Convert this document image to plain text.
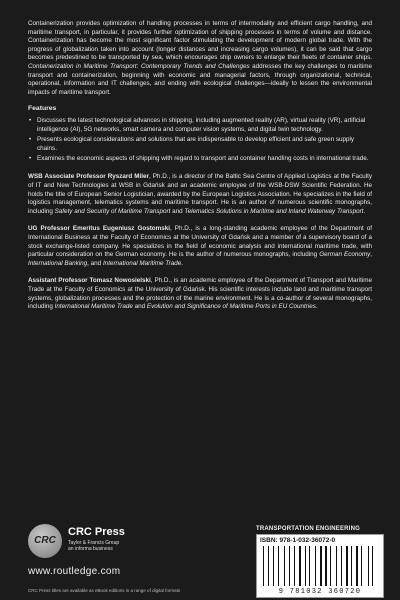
Containerization provides optimization of handling processes in terms of intermodality and efficient cargo handling, and maritime transport, in particular, it provides further optimization of shipping processes in terms of volume and distance. Containerization has become the most significant factor stimulating the development of modern global trade. With the progress of globalization taken into account (longer distances and increasing cargo volumes), it can be said that cargo becomes predestined to be transported by sea, which encourages ship owners to enlarge their fleets of container ships. Containerization in Maritime Transport: Contemporary Trends and Challenges addresses the key challenges to maritime transport and containerization, beginning with economic and managerial factors, through organizational, technical, operational, information and IT challenges, and ending with ecological challenges—ideally to lessen the environmental impacts of maritime transport.

Features
• Discusses the latest technological advances in shipping, including augmented reality (AR), virtual reality (VR), artificial intelligence (AI), 5G networks, smart camera and computer vision systems, and digital twin technology.
• Presents ecological considerations and solutions that are indispensable to develop efficient and safe green supply chains.
• Examines the economic aspects of shipping with regard to transport and container handling costs in international trade.

WSB Associate Professor Ryszard Miler, Ph.D., is a director of the Baltic Sea Centre of Applied Logistics at the Faculty of IT and New Technologies at WSB in Gdańsk and an academic employee of the WSB-DSW Scientific Federation. He holds the title of European Senior Logistician, awarded by the European Logistics Association. He specializes in the field of logistics management, telematics systems and maritime transport. He is an author of numerous scientific monographs, including Safety and Security of Maritime Transport and Telematics Solutions in Maritime and Inland Waterway Transport.

UG Professor Emeritus Eugeniusz Gostomski, Ph.D., is a long-standing academic employee of the Department of International Business at the Faculty of Economics at the University of Gdańsk and a member of a supervisory board of a stock exchange-listed company. He specializes in the field of economic analysis and international maritime trade, with particular consideration on the German economy. He is the author of numerous monographs, including German Economy, International Banking, and International Maritime Trade.

Assistant Professor Tomasz Nowosielski, Ph.D., is an academic employee of the Department of Transport and Maritime Trade at the Faculty of Economics at the University of Gdańsk. His scientific interests include land and maritime transport systems, globalization processes and the protection of the marine environment. He is a co-author of several monographs, including International Maritime Trade and Evolution and Significance of Maritime Ports in EU Countries.

CRC
CRC Press
Taylor & Francis Group
an informa business
www.routledge.com
CRC Press titles are available as eBook editions in a range of digital formats
TRANSPORTATION ENGINEERING
ISBN: 978-1-032-36072-0
9 781032 360720
